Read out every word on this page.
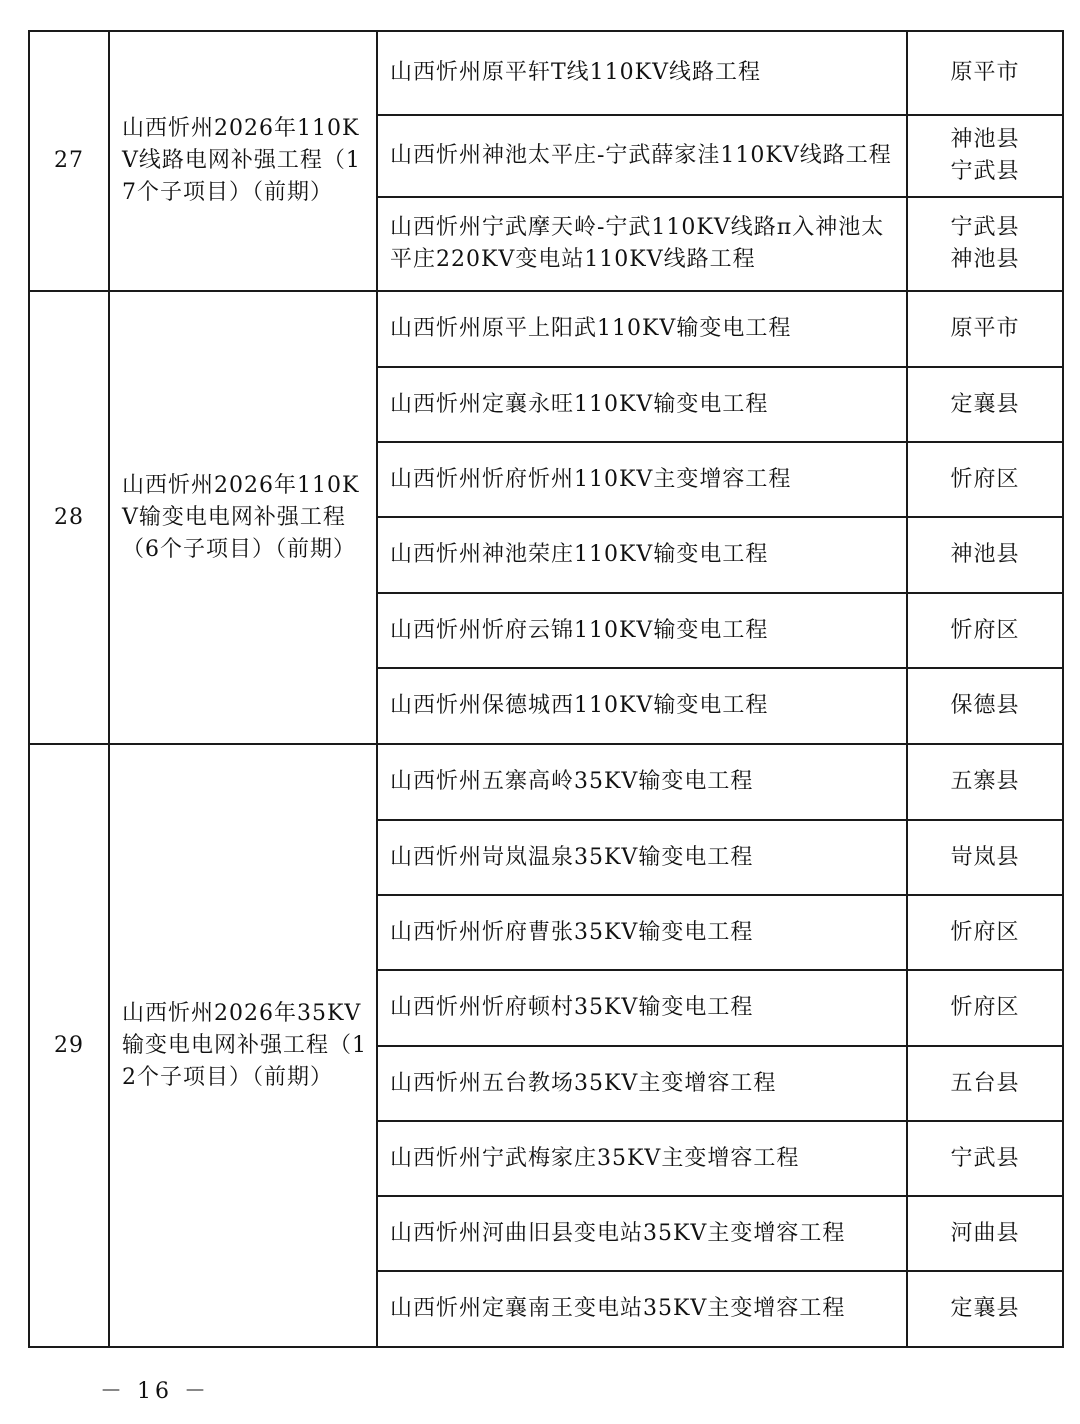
27	山西忻州2026年110KV线路电网补强工程（17个子项目）（前期）	山西忻州原平轩T线110KV线路工程	原平市

		山西忻州神池太平庄-宁武薛家洼110KV线路工程	神池县
宁武县

		山西忻州宁武摩天岭-宁武110KV线路π入神池太平庄220KV变电站110KV线路工程	宁武县
神池县

28	山西忻州2026年110KV输变电电网补强工程（6个子项目）（前期）	山西忻州原平上阳武110KV输变电工程	原平市

		山西忻州定襄永旺110KV输变电工程	定襄县

		山西忻州忻府忻州110KV主变增容工程	忻府区

		山西忻州神池荣庄110KV输变电工程	神池县

		山西忻州忻府云锦110KV输变电工程	忻府区

		山西忻州保德城西110KV输变电工程	保德县

29	山西忻州2026年35KV输变电电网补强工程（12个子项目）（前期）	山西忻州五寨高岭35KV输变电工程	五寨县

		山西忻州岢岚温泉35KV输变电工程	岢岚县

		山西忻州忻府曹张35KV输变电工程	忻府区

		山西忻州忻府顿村35KV输变电工程	忻府区

		山西忻州五台教场35KV主变增容工程	五台县

		山西忻州宁武梅家庄35KV主变增容工程	宁武县

		山西忻州河曲旧县变电站35KV主变增容工程	河曲县

		山西忻州定襄南王变电站35KV主变增容工程	定襄县
－ 16 －
